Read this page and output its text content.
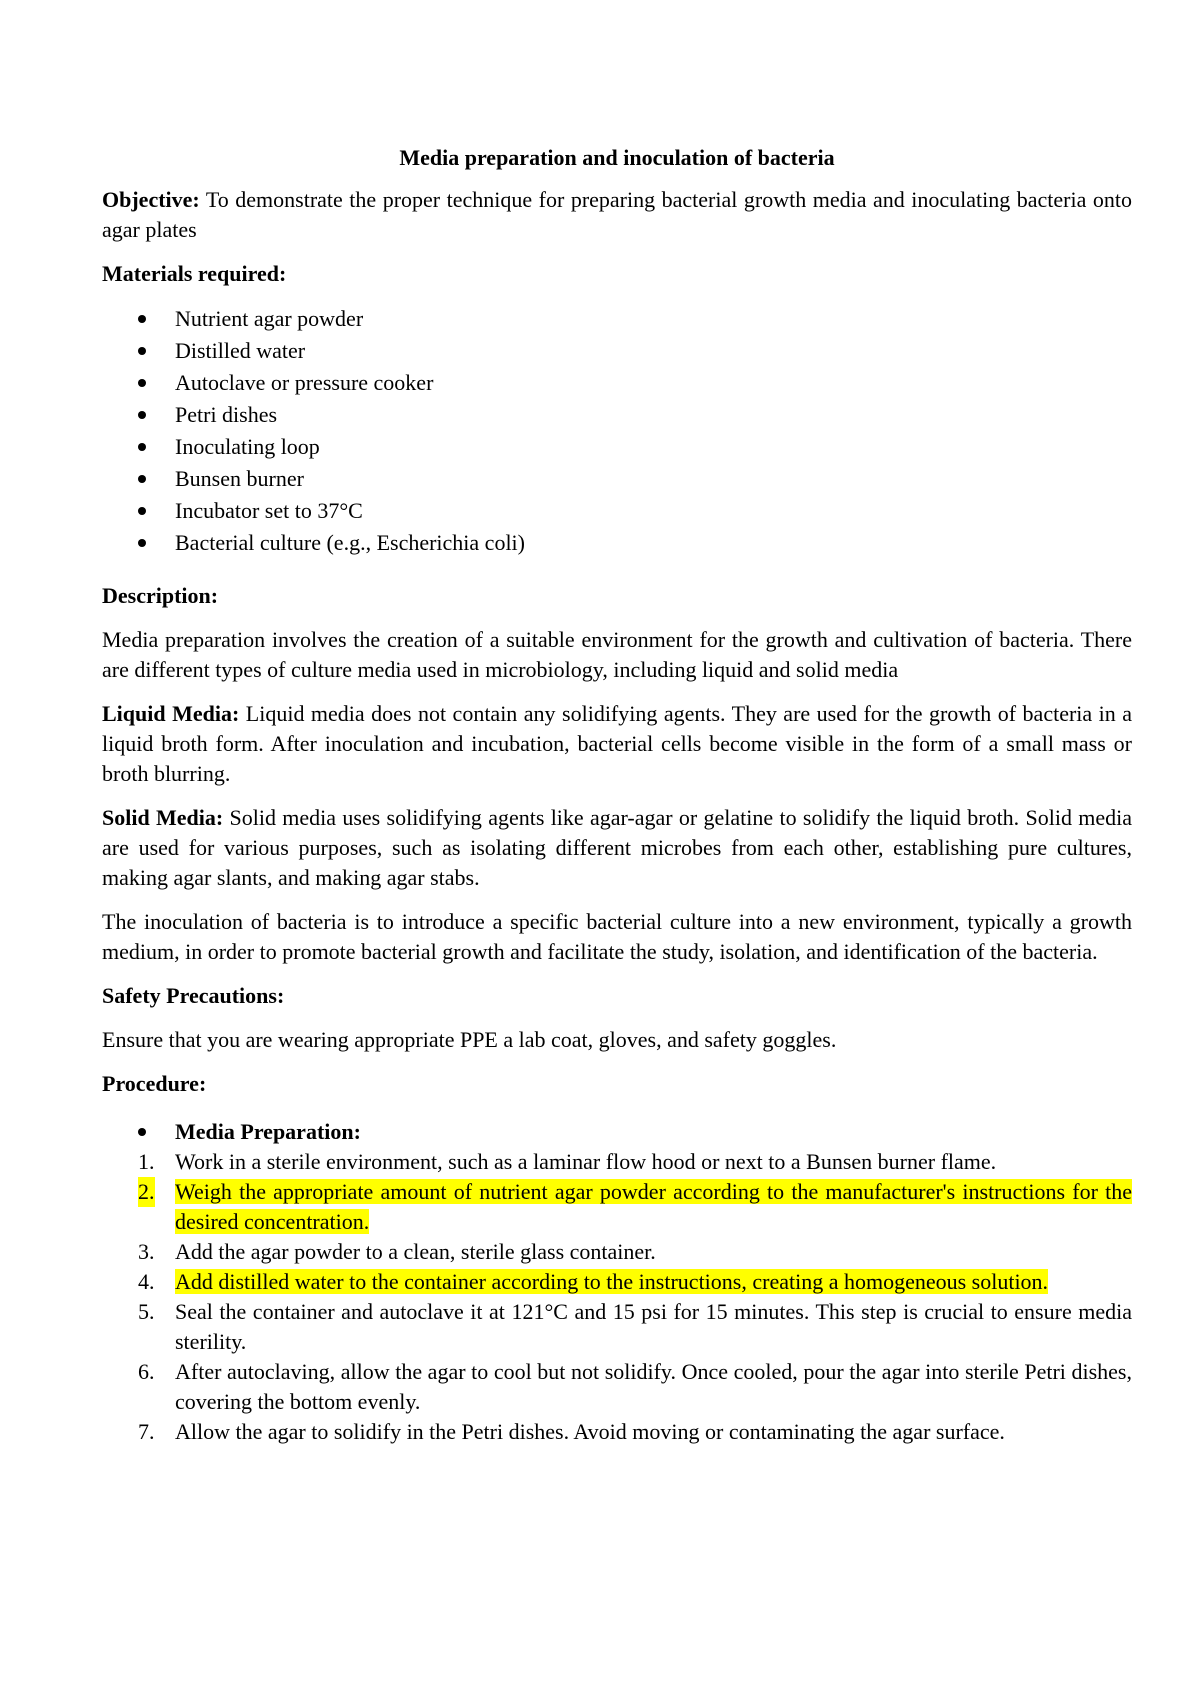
Media preparation and inoculation of bacteria

Objective: To demonstrate the proper technique for preparing bacterial growth media and inoculating bacteria onto agar plates

Materials required:
Nutrient agar powder
Distilled water
Autoclave or pressure cooker
Petri dishes
Inoculating loop
Bunsen burner
Incubator set to 37°C
Bacterial culture (e.g., Escherichia coli)
Description:

Media preparation involves the creation of a suitable environment for the growth and cultivation of bacteria. There are different types of culture media used in microbiology, including liquid and solid media

Liquid Media: Liquid media does not contain any solidifying agents. They are used for the growth of bacteria in a liquid broth form. After inoculation and incubation, bacterial cells become visible in the form of a small mass or broth blurring.

Solid Media: Solid media uses solidifying agents like agar-agar or gelatine to solidify the liquid broth. Solid media are used for various purposes, such as isolating different microbes from each other, establishing pure cultures, making agar slants, and making agar stabs.

The inoculation of bacteria is to introduce a specific bacterial culture into a new environment, typically a growth medium, in order to promote bacterial growth and facilitate the study, isolation, and identification of the bacteria.

Safety Precautions:

Ensure that you are wearing appropriate PPE a lab coat, gloves, and safety goggles.

Procedure:
Media Preparation:
1. Work in a sterile environment, such as a laminar flow hood or next to a Bunsen burner flame.
2. Weigh the appropriate amount of nutrient agar powder according to the manufacturer's instructions for the desired concentration.
3. Add the agar powder to a clean, sterile glass container.
4. Add distilled water to the container according to the instructions, creating a homogeneous solution.
5. Seal the container and autoclave it at 121°C and 15 psi for 15 minutes. This step is crucial to ensure media sterility.
6. After autoclaving, allow the agar to cool but not solidify. Once cooled, pour the agar into sterile Petri dishes, covering the bottom evenly.
7. Allow the agar to solidify in the Petri dishes. Avoid moving or contaminating the agar surface.
